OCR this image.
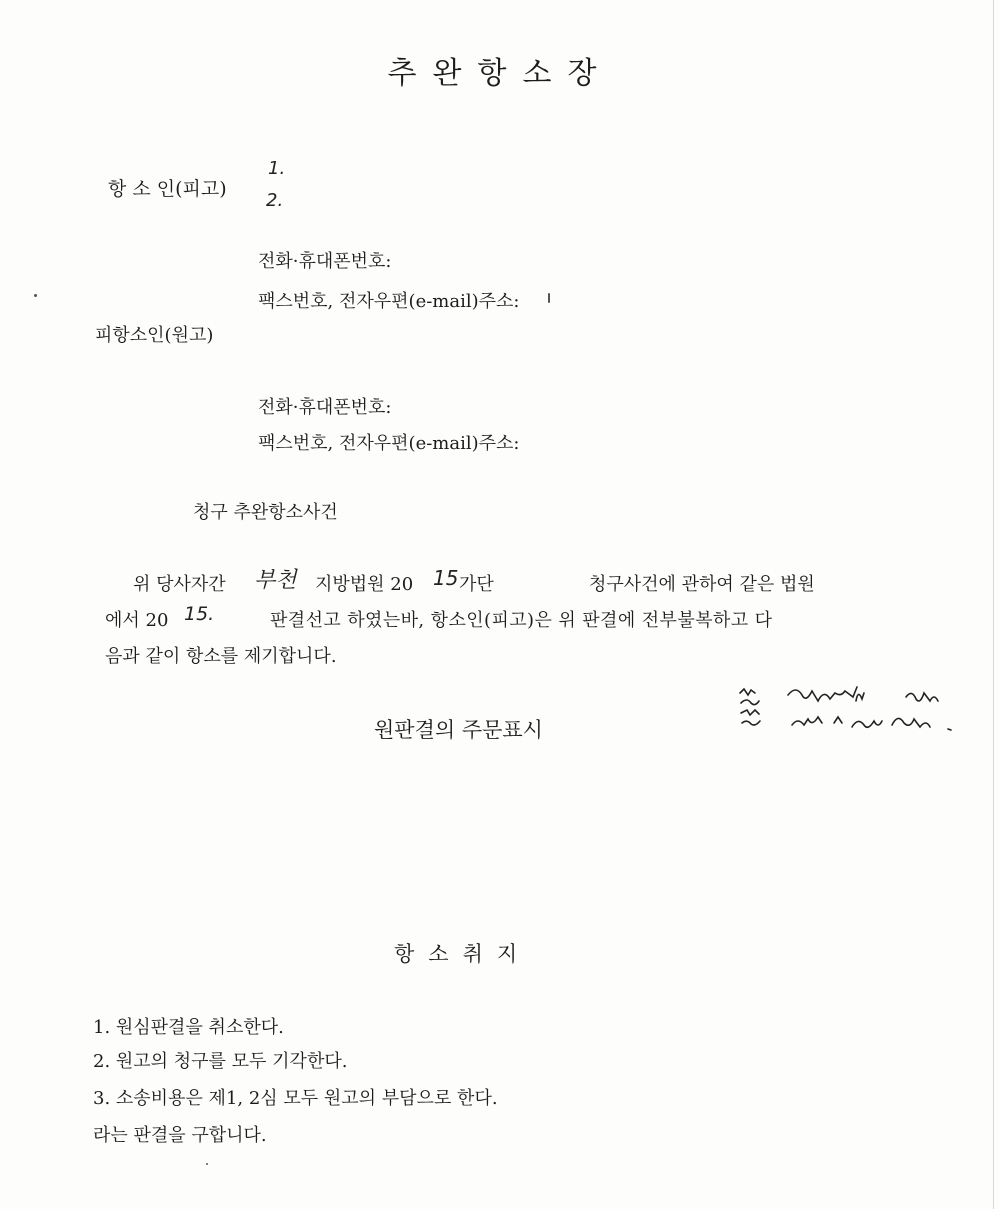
추완항소장
항 소 인(피고)
1.
2.
전화·휴대폰번호:
팩스번호, 전자우편(e-mail)주소:
피항소인(원고)
전화·휴대폰번호:
팩스번호, 전자우편(e-mail)주소:
청구 추완항소사건
위 당사자간 부천 지방법원 20 15 가단	청구사건에 관하여 같은 법원
에서 20 15.	판결선고 하였는바, 항소인(피고)은 위 판결에 전부불복하고 다
음과 같이 항소를 제기합니다.
원판결의 주문표시
항소취지
1. 원심판결을 취소한다.
2. 원고의 청구를 모두 기각한다.
3. 소송비용은 제1, 2심 모두 원고의 부담으로 한다.
라는 판결을 구합니다.
